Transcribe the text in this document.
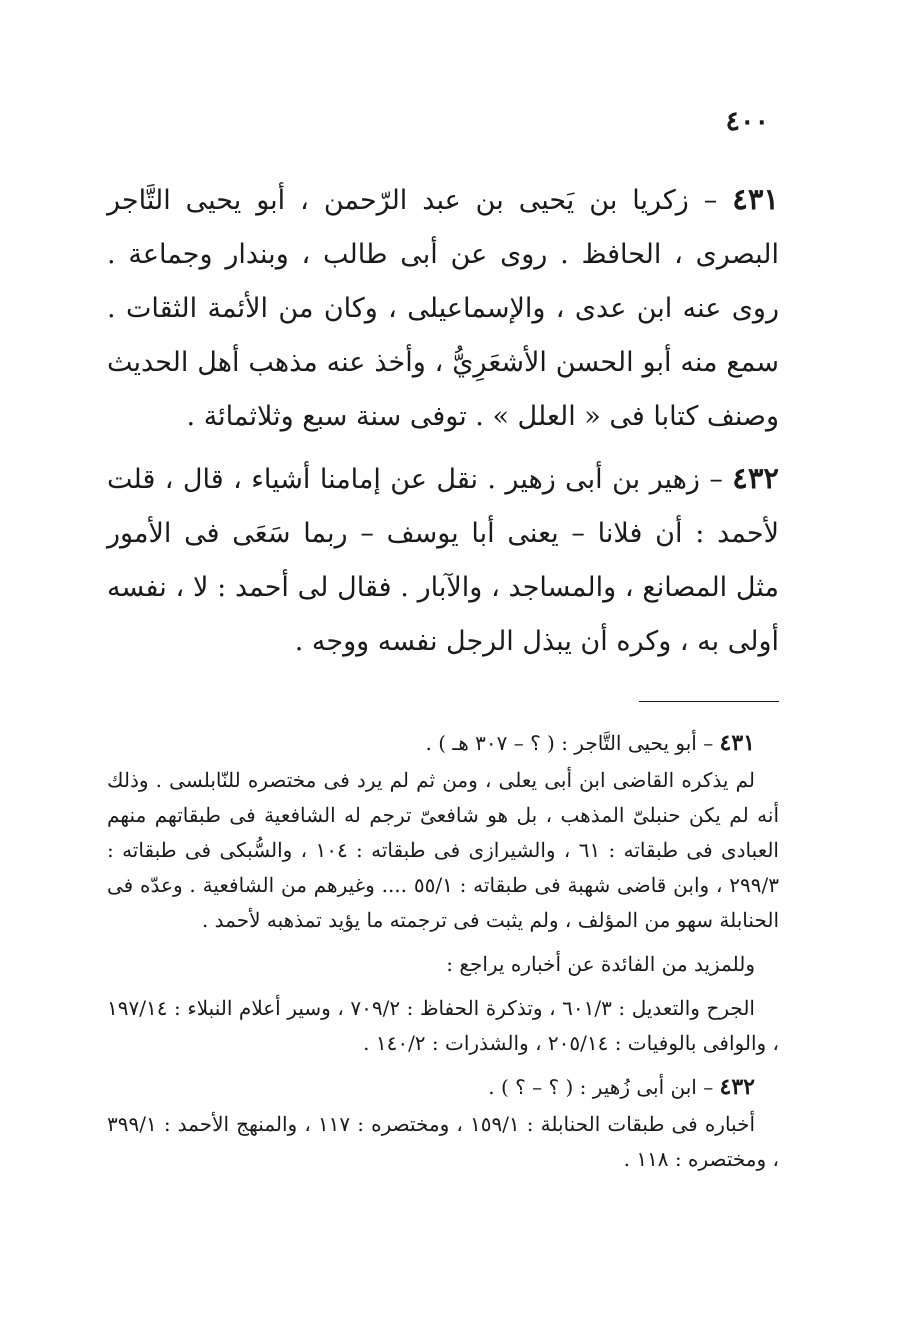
٤٠٠

٤٣١ – زكريا بن يَحيى بن عبد الرّحمن ، أبو يحيى التَّاجر البصرى ، الحافظ . روى عن أبى طالب ، وبندار وجماعة . روى عنه ابن عدى ، والإسماعيلى ، وكان من الأئمة الثقات . سمع منه أبو الحسن الأشعَرِيُّ ، وأخذ عنه مذهب أهل الحديث وصنف كتابا فى « العلل » . توفى سنة سبع وثلاثمائة .

٤٣٢ – زهير بن أبى زهير . نقل عن إمامنا أشياء ، قال ، قلت لأحمد : أن فلانا – يعنى أبا يوسف – ربما سَعَى فى الأمور مثل المصانع ، والمساجد ، والآبار . فقال لى أحمد : لا ، نفسه أولى به ، وكره أن يبذل الرجل نفسه ووجه .

٤٣١ – أبو يحيى التَّاجر : ( ؟ – ٣٠٧ هـ ) .

لم يذكره القاضى ابن أبى يعلى ، ومن ثم لم يرد فى مختصره للنّابلسى . وذلك أنه لم يكن حنبلىّ المذهب ، بل هو شافعىّ ترجم له الشافعية فى طبقاتهم منهم العبادى فى طبقاته : ٦١ ، والشيرازى فى طبقاته : ١٠٤ ، والسُّبكى فى طبقاته : ٢٩٩/٣ ، وابن قاضى شهبة فى طبقاته : ٥٥/١ .... وغيرهم من الشافعية . وعدّه فى الحنابلة سهو من المؤلف ، ولم يثبت فى ترجمته ما يؤيد تمذهبه لأحمد .

وللمزيد من الفائدة عن أخباره يراجع :

الجرح والتعديل : ٦٠١/٣ ، وتذكرة الحفاظ : ٧٠٩/٢ ، وسير أعلام النبلاء : ١٩٧/١٤ ، والوافى بالوفيات : ٢٠٥/١٤ ، والشذرات : ١٤٠/٢ .

٤٣٢ – ابن أبى زُهير : ( ؟ – ؟ ) .

أخباره فى طبقات الحنابلة : ١٥٩/١ ، ومختصره : ١١٧ ، والمنهج الأحمد : ٣٩٩/١ ، ومختصره : ١١٨ .
